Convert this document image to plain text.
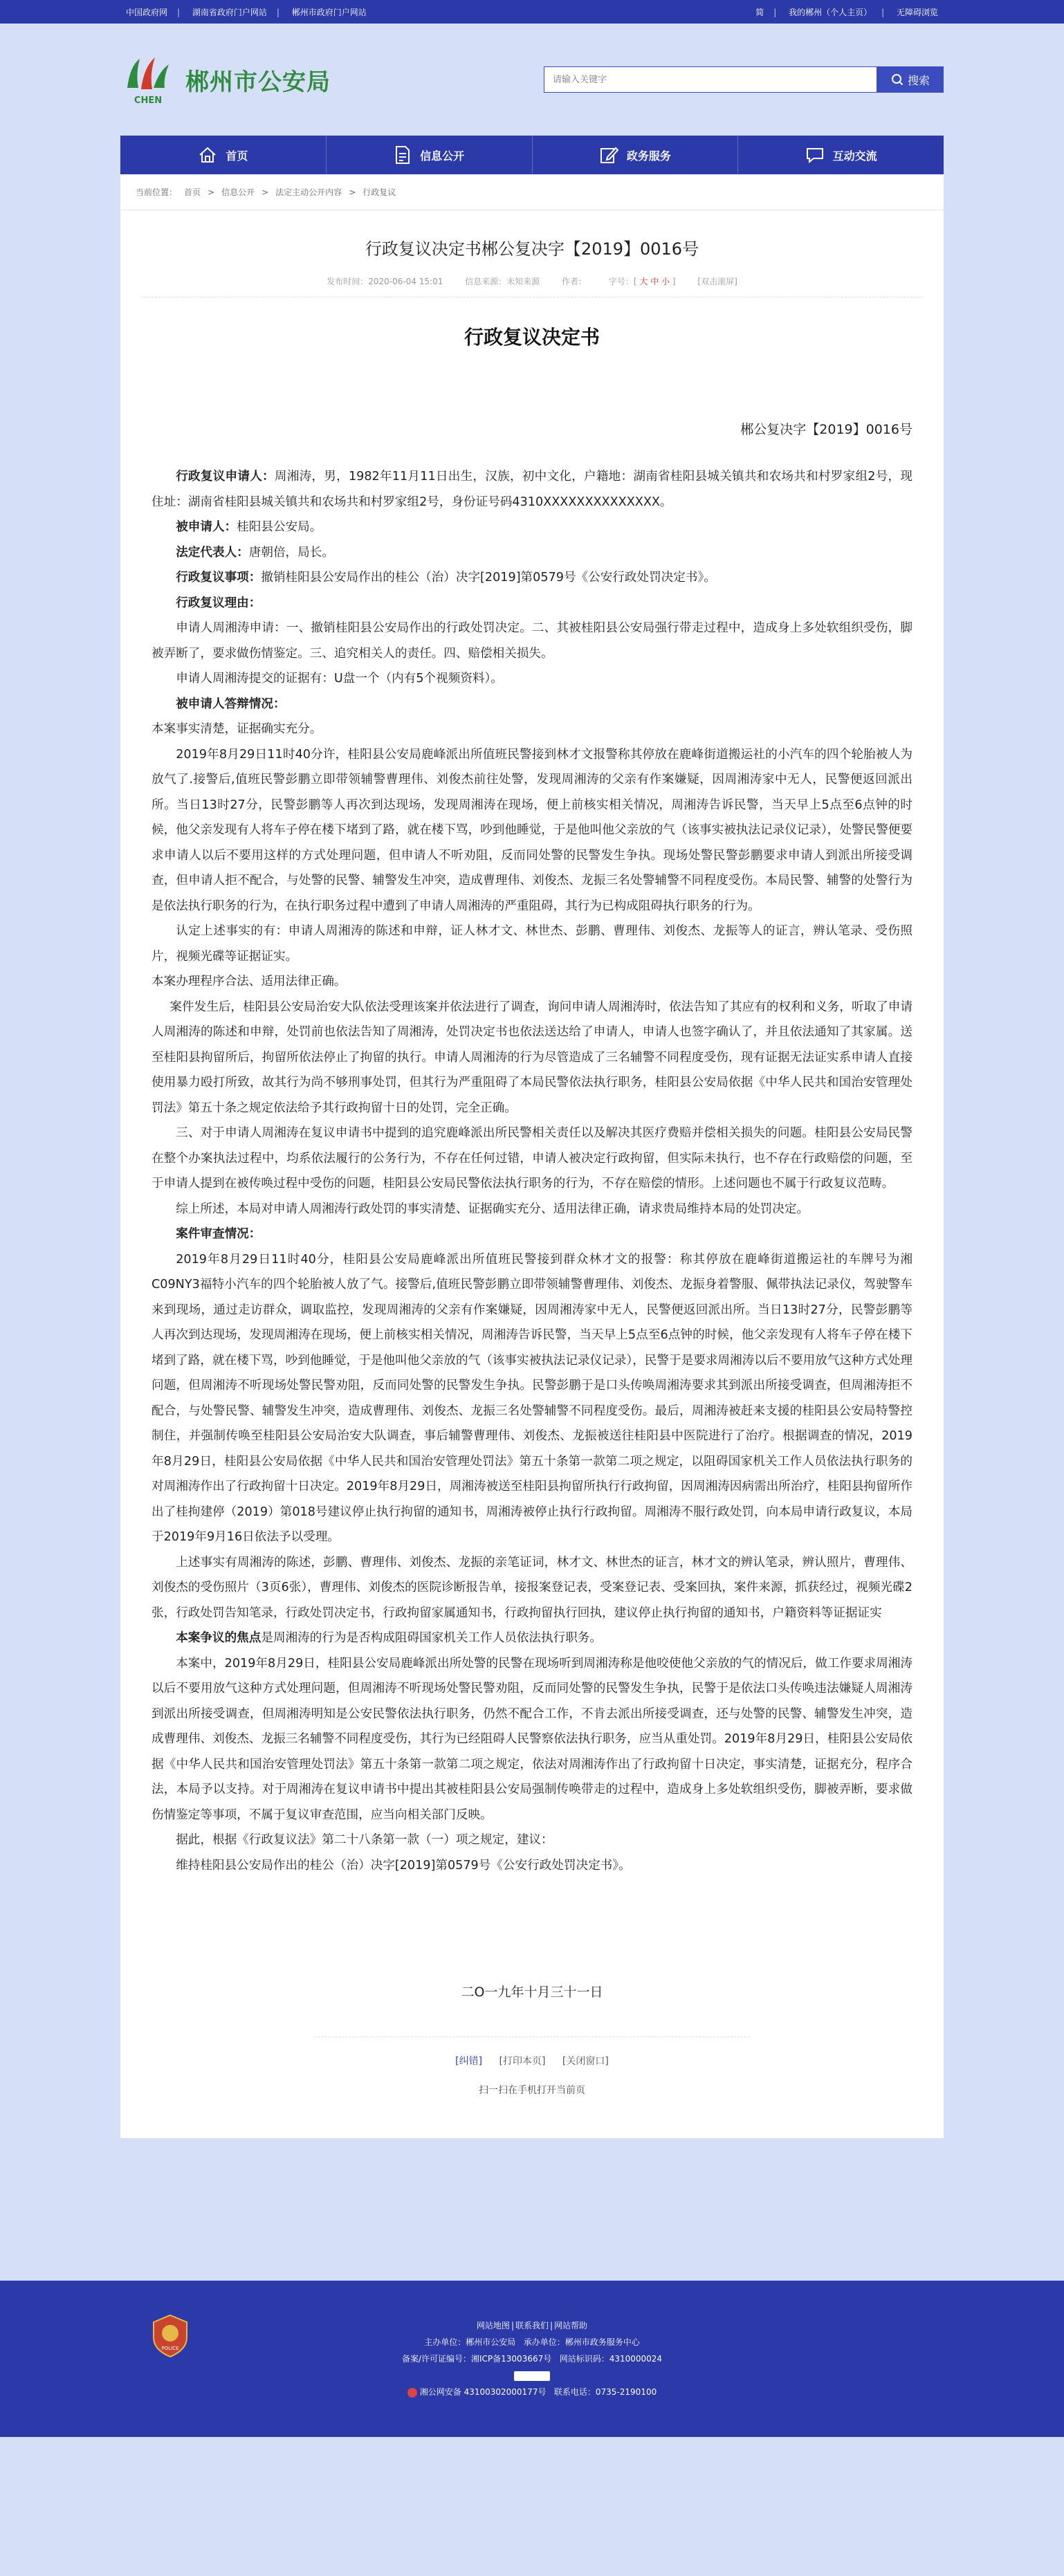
中国政府网 | 湖南省政府门户网站 | 郴州市政府门户网站	简 | 我的郴州（个人主页） | 无障碍浏览
CHEN
郴州市公安局
请输入关键字	搜索
首页	信息公开	政务服务	互动交流
当前位置： 首页 > 信息公开 > 法定主动公开内容 > 行政复议
行政复议决定书郴公复决字【2019】0016号
发布时间：2020-06-04 15:01	信息来源：未知来源	作者：	字号：[ 大 中 小 ]	[双击滚屏]
行政复议决定书
郴公复决字【2019】0016号

行政复议申请人：周湘涛，男，1982年11月11日出生，汉族，初中文化，户籍地：湖南省桂阳县城关镇共和农场共和村罗家组2号，现住址：湖南省桂阳县城关镇共和农场共和村罗家组2号，身份证号码4310XXXXXXXXXXXXXX。

被申请人：桂阳县公安局。

法定代表人：唐朝倍，局长。

行政复议事项：撤销桂阳县公安局作出的桂公（治）决字[2019]第0579号《公安行政处罚决定书》。

行政复议理由：

申请人周湘涛申请：一、撤销桂阳县公安局作出的行政处罚决定。二、其被桂阳县公安局强行带走过程中，造成身上多处软组织受伤，脚被弄断了，要求做伤情鉴定。三、追究相关人的责任。四、赔偿相关损失。

申请人周湘涛提交的证据有：U盘一个（内有5个视频资料）。

被申请人答辩情况：

本案事实清楚，证据确实充分。

2019年8月29日11时40分许，桂阳县公安局鹿峰派出所值班民警接到林才文报警称其停放在鹿峰街道搬运社的小汽车的四个轮胎被人为放气了.接警后,值班民警彭鹏立即带领辅警曹理伟、刘俊杰前往处警，发现周湘涛的父亲有作案嫌疑，因周湘涛家中无人，民警便返回派出所。当日13时27分，民警彭鹏等人再次到达现场，发现周湘涛在现场，便上前核实相关情况，周湘涛告诉民警，当天早上5点至6点钟的时候，他父亲发现有人将车子停在楼下堵到了路，就在楼下骂，吵到他睡觉，于是他叫他父亲放的气（该事实被执法记录仪记录），处警民警便要求申请人以后不要用这样的方式处理问题，但申请人不听劝阻，反而同处警的民警发生争执。现场处警民警彭鹏要求申请人到派出所接受调查，但申请人拒不配合，与处警的民警、辅警发生冲突，造成曹理伟、刘俊杰、龙振三名处警辅警不同程度受伤。本局民警、辅警的处警行为是依法执行职务的行为，在执行职务过程中遭到了申请人周湘涛的严重阻碍，其行为已构成阻碍执行职务的行为。

认定上述事实的有：申请人周湘涛的陈述和申辩，证人林才文、林世杰、彭鹏、曹理伟、刘俊杰、龙振等人的证言，辨认笔录、受伤照片，视频光碟等证据证实。

本案办理程序合法、适用法律正确。

案件发生后，桂阳县公安局治安大队依法受理该案并依法进行了调查，询问申请人周湘涛时，依法告知了其应有的权利和义务，听取了申请人周湘涛的陈述和申辩，处罚前也依法告知了周湘涛，处罚决定书也依法送达给了申请人，申请人也签字确认了，并且依法通知了其家属。送至桂阳县拘留所后，拘留所依法停止了拘留的执行。申请人周湘涛的行为尽管造成了三名辅警不同程度受伤，现有证据无法证实系申请人直接使用暴力殴打所致，故其行为尚不够刑事处罚，但其行为严重阻碍了本局民警依法执行职务，桂阳县公安局依据《中华人民共和国治安管理处罚法》第五十条之规定依法给予其行政拘留十日的处罚，完全正确。

三、对于申请人周湘涛在复议申请书中提到的追究鹿峰派出所民警相关责任以及解决其医疗费赔并偿相关损失的问题。桂阳县公安局民警在整个办案执法过程中，均系依法履行的公务行为，不存在任何过错，申请人被决定行政拘留，但实际未执行，也不存在行政赔偿的问题，至于申请人提到在被传唤过程中受伤的问题，桂阳县公安局民警依法执行职务的行为，不存在赔偿的情形。上述问题也不属于行政复议范畴。

综上所述，本局对申请人周湘涛行政处罚的事实清楚、证据确实充分、适用法律正确，请求贵局维持本局的处罚决定。

案件审查情况：

2019年8月29日11时40分，桂阳县公安局鹿峰派出所值班民警接到群众林才文的报警：称其停放在鹿峰街道搬运社的车牌号为湘C09NY3福特小汽车的四个轮胎被人放了气。接警后,值班民警彭鹏立即带领辅警曹理伟、刘俊杰、龙振身着警服、佩带执法记录仪，驾驶警车来到现场，通过走访群众，调取监控，发现周湘涛的父亲有作案嫌疑，因周湘涛家中无人，民警便返回派出所。当日13时27分，民警彭鹏等人再次到达现场，发现周湘涛在现场，便上前核实相关情况，周湘涛告诉民警，当天早上5点至6点钟的时候，他父亲发现有人将车子停在楼下堵到了路，就在楼下骂，吵到他睡觉，于是他叫他父亲放的气（该事实被执法记录仪记录），民警于是要求周湘涛以后不要用放气这种方式处理问题，但周湘涛不听现场处警民警劝阻，反而同处警的民警发生争执。民警彭鹏于是口头传唤周湘涛要求其到派出所接受调查，但周湘涛拒不配合，与处警民警、辅警发生冲突，造成曹理伟、刘俊杰、龙振三名处警辅警不同程度受伤。最后，周湘涛被赶来支援的桂阳县公安局特警控制住，并强制传唤至桂阳县公安局治安大队调查，事后辅警曹理伟、刘俊杰、龙振被送往桂阳县中医院进行了治疗。根据调查的情况，2019年8月29日，桂阳县公安局依据《中华人民共和国治安管理处罚法》第五十条第一款第二项之规定，以阻碍国家机关工作人员依法执行职务的对周湘涛作出了行政拘留十日决定。2019年8月29日，周湘涛被送至桂阳县拘留所执行行政拘留，因周湘涛因病需出所治疗，桂阳县拘留所作出了桂拘建停（2019）第018号建议停止执行拘留的通知书，周湘涛被停止执行行政拘留。周湘涛不服行政处罚，向本局申请行政复议，本局于2019年9月16日依法予以受理。

上述事实有周湘涛的陈述，彭鹏、曹理伟、刘俊杰、龙振的亲笔证词，林才文、林世杰的证言，林才文的辨认笔录，辨认照片，曹理伟、刘俊杰的受伤照片（3页6张），曹理伟、刘俊杰的医院诊断报告单，接报案登记表，受案登记表、受案回执，案件来源，抓获经过，视频光碟2张，行政处罚告知笔录，行政处罚决定书，行政拘留家属通知书，行政拘留执行回执，建议停止执行拘留的通知书，户籍资料等证据证实

本案争议的焦点是周湘涛的行为是否构成阻碍国家机关工作人员依法执行职务。

本案中，2019年8月29日，桂阳县公安局鹿峰派出所处警的民警在现场听到周湘涛称是他咬使他父亲放的气的情况后，做工作要求周湘涛以后不要用放气这种方式处理问题，但周湘涛不听现场处警民警劝阻，反而同处警的民警发生争执，民警于是依法口头传唤违法嫌疑人周湘涛到派出所接受调查，但周湘涛明知是公安民警依法执行职务，仍然不配合工作，不肯去派出所接受调查，还与处警的民警、辅警发生冲突，造成曹理伟、刘俊杰、龙振三名辅警不同程度受伤，其行为已经阻碍人民警察依法执行职务，应当从重处罚。2019年8月29日，桂阳县公安局依据《中华人民共和国治安管理处罚法》第五十条第一款第二项之规定，依法对周湘涛作出了行政拘留十日决定，事实清楚，证据充分，程序合法，本局予以支持。对于周湘涛在复议申请书中提出其被桂阳县公安局强制传唤带走的过程中，造成身上多处软组织受伤，脚被弄断，要求做伤情鉴定等事项，不属于复议审查范围，应当向相关部门反映。

据此，根据《行政复议法》第二十八条第一款（一）项之规定，建议：

维持桂阳县公安局作出的桂公（治）决字[2019]第0579号《公安行政处罚决定书》。

二O一九年十月三十一日
[纠错] [打印本页] [关闭窗口]
扫一扫在手机打开当前页
POLICE
网站地图 | 联系我们 | 网站帮助
主办单位：郴州市公安局 承办单位：郴州市政务服务中心
备案/许可证编号：湘ICP备13003667号 网站标识码：4310000024
湘公网安备 43100302000177号 联系电话：0735-2190100
